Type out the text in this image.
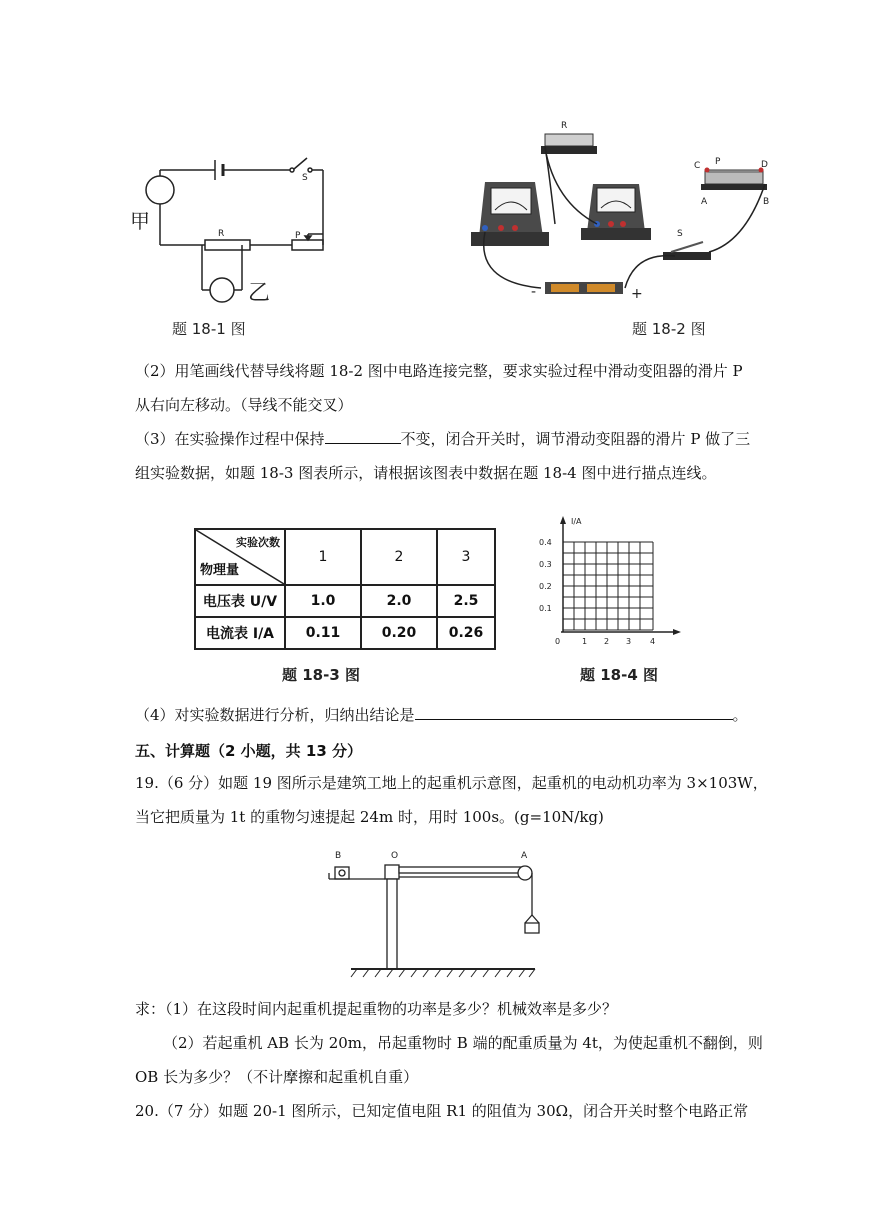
甲
乙
R
S
P
题 18-1 图
R
C P	D
A	B
S
-	+
题 18-2 图
（2）用笔画线代替导线将题 18-2 图中电路连接完整，要求实验过程中滑动变阻器的滑片 P
从右向左移动。（导线不能交叉）
（3）在实验操作过程中保持	不变，闭合开关时，调节滑动变阻器的滑片 P 做了三
组实验数据，如题 18-3 图表所示，请根据该图表中数据在题 18-4 图中进行描点连线。
实验次数
物理量	1	2	3
电压表 U/V	1.0	2.0	2.5
电流表 I/A	0.11	0.20	0.26
题 18-3 图
I/A
0.4
0.3
0.2
0.1
0	1 2 3 4
题 18-4 图
（4）对实验数据进行分析，归纳出结论是	。
五、计算题（2 小题，共 13 分）
19.（6 分）如题 19 图所示是建筑工地上的起重机示意图，起重机的电动机功率为 3×103W，
当它把质量为 1t 的重物匀速提起 24m 时，用时 100s。(g=10N/kg)
B	O	A
求：（1）在这段时间内起重机提起重物的功率是多少？机械效率是多少？
（2）若起重机 AB 长为 20m，吊起重物时 B 端的配重质量为 4t，为使起重机不翻倒，则
OB 长为多少？（不计摩擦和起重机自重）
20.（7 分）如题 20-1 图所示，已知定值电阻 R1 的阻值为 30Ω，闭合开关时整个电路正常
